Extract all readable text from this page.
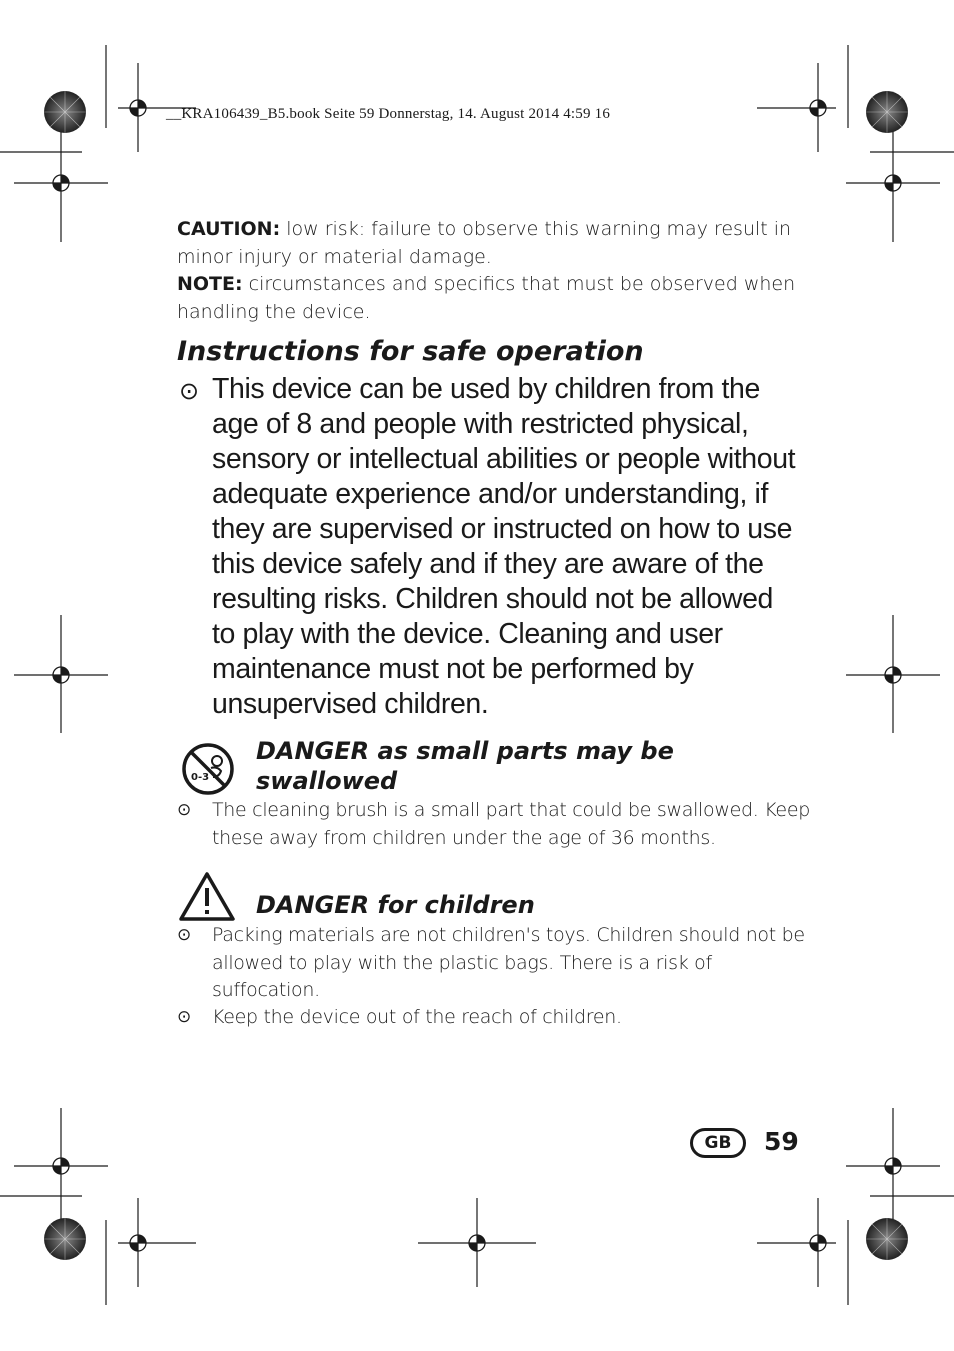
__KRA106439_B5.book Seite 59 Donnerstag, 14. August 2014 4:59 16
CAUTION: low risk: failure to observe this warning may result in minor injury or material damage.
NOTE: circumstances and specifics that must be observed when handling the device.
Instructions for safe operation
⊙ This device can be used by children from the age of 8 and people with restricted physical, sensory or intellectual abilities or people without adequate experience and/or understanding, if they are supervised or instructed on how to use this device safely and if they are aware of the resulting risks. Children should not be allowed to play with the device. Cleaning and user maintenance must not be performed by unsupervised children.
0-3
DANGER as small parts may be swallowed
⊙ The cleaning brush is a small part that could be swallowed. Keep these away from children under the age of 36 months.
DANGER for children
⊙ Packing materials are not children's toys. Children should not be allowed to play with the plastic bags. There is a risk of suffocation.
⊙ Keep the device out of the reach of children.
GB	59
